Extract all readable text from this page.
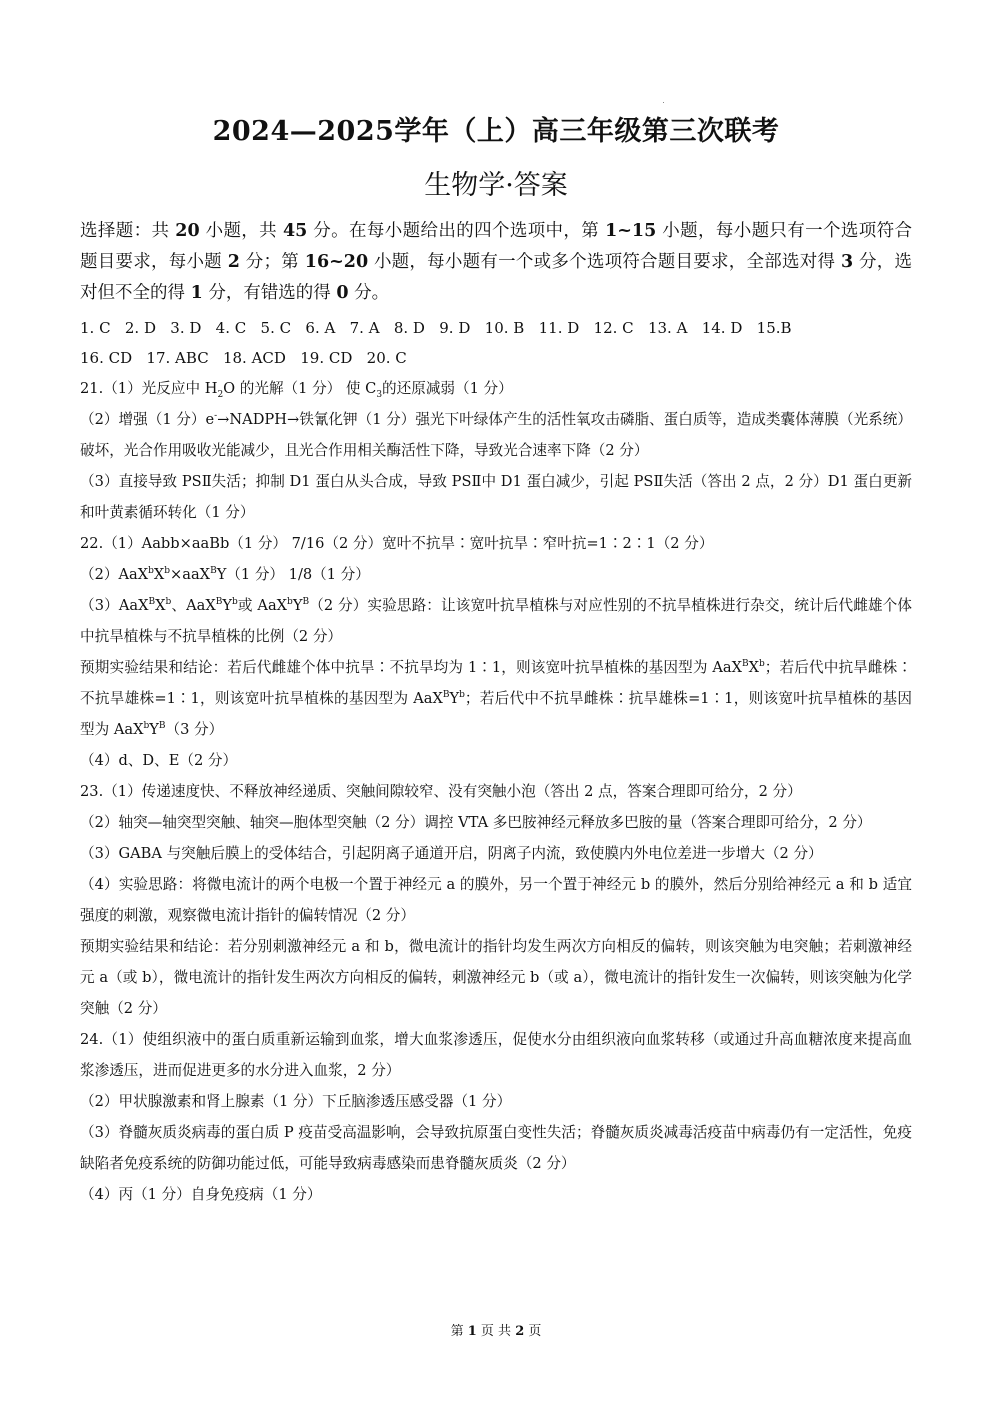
2024—2025学年（上）高三年级第三次联考
生物学·答案
选择题：共 20 小题，共 45 分。在每小题给出的四个选项中，第 1~15 小题，每小题只有一个选项符合题目要求，每小题 2 分；第 16~20 小题，每小题有一个或多个选项符合题目要求，全部选对得 3 分，选对但不全的得 1 分，有错选的得 0 分。
1. C   2. D   3. D   4. C   5. C   6. A   7. A   8. D   9. D   10. B   11. D   12. C   13. A   14. D   15.B
16. CD   17. ABC   18. ACD   19. CD   20. C

21.（1）光反应中 $H_2O$ 的光解（1 分） 使 $C_3$的还原减弱（1 分）

（2）增强（1 分）e-→NADPH→铁氰化钾（1 分）强光下叶绿体产生的活性氧攻击磷脂、蛋白质等，造成类囊体薄膜（光系统）破坏，光合作用吸收光能减少，且光合作用相关酶活性下降，导致光合速率下降（2 分）

（3）直接导致 PSⅡ失活；抑制 D1 蛋白从头合成，导致 PSⅡ中 D1 蛋白减少，引起 PSⅡ失活（答出 2 点，2 分）D1 蛋白更新和叶黄素循环转化（1 分）

22.（1）Aabb×aaBb（1 分） 7/16（2 分）宽叶不抗旱∶宽叶抗旱∶窄叶抗=1∶2∶1（2 分）

$(2)AaX^bX^b\times aaX^BY(1$ 分） 1/8（1 分）

$(3)AaX^BX^b$、$AaX^BY^b$或 $AaX^bY^B(2$ 分）实验思路：让该宽叶抗旱植株与对应性别的不抗旱植株进行杂交，统计后代雌雄个体中抗旱植株与不抗旱植株的比例（2 分）

预期实验结果和结论：若后代雌雄个体中抗旱∶不抗旱均为 1∶1，则该宽叶抗旱植株的基因型为 $AaX^BX^b$；若后代中抗旱雌株∶不抗旱雄株=1∶1，则该宽叶抗旱植株的基因型为 $AaX^BY^b$；若后代中不抗旱雌株∶抗旱雄株=1∶1，则该宽叶抗旱植株的基因型为 $AaX^bY^B(3$ 分）

（4）d、D、E（2 分）

23.（1）传递速度快、不释放神经递质、突触间隙较窄、没有突触小泡（答出 2 点，答案合理即可给分，2 分）

（2）轴突—轴突型突触、轴突—胞体型突触（2 分）调控 VTA 多巴胺神经元释放多巴胺的量（答案合理即可给分，2 分）

（3）GABA 与突触后膜上的受体结合，引起阴离子通道开启，阴离子内流，致使膜内外电位差进一步增大（2 分）

（4）实验思路：将微电流计的两个电极一个置于神经元 a 的膜外，另一个置于神经元 b 的膜外，然后分别给神经元 a 和 b 适宜强度的刺激，观察微电流计指针的偏转情况（2 分）

预期实验结果和结论：若分别刺激神经元 a 和 b，微电流计的指针均发生两次方向相反的偏转，则该突触为电突触；若刺激神经元 a（或 b），微电流计的指针发生两次方向相反的偏转，刺激神经元 b（或 a），微电流计的指针发生一次偏转，则该突触为化学突触（2 分）

24.（1）使组织液中的蛋白质重新运输到血浆，增大血浆渗透压，促使水分由组织液向血浆转移（或通过升高血糖浓度来提高血浆渗透压，进而促进更多的水分进入血浆，2 分）

（2）甲状腺激素和肾上腺素（1 分）下丘脑渗透压感受器（1 分）

（3）脊髓灰质炎病毒的蛋白质 P 疫苗受高温影响，会导致抗原蛋白变性失活；脊髓灰质炎减毒活疫苗中病毒仍有一定活性，免疫缺陷者免疫系统的防御功能过低，可能导致病毒感染而患脊髓灰质炎（2 分）

（4）丙（1 分）自身免疫病（1 分）

第 1 页 共 2 页
